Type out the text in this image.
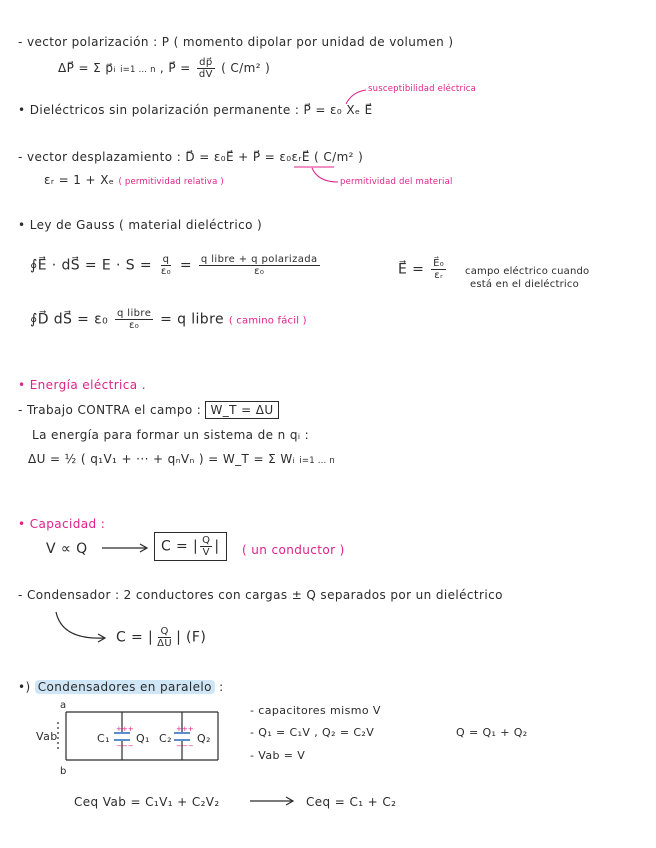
- vector polarización : P ( momento dipolar por unidad de volumen )
ΔP⃗ = Σ p⃗ᵢ i=1 … n , P⃗ = $\frac{dp⃗}{dV}$ ( C/m² )
susceptibilidad eléctrica
• Dieléctricos sin polarización permanente : P⃗ = ε₀ Xₑ E⃗
- vector desplazamiento : D⃗ = ε₀E⃗ + P⃗ = ε₀εᵣE⃗ ( C/m² )
εᵣ = 1 + Xₑ ( permitividad relativa )	permitividad del material
• Ley de Gauss ( material dieléctrico )
∮E⃗ · dS⃗ = $E \cdot S = \frac{q}{\text{ε₀}} = \frac{\text{q libre + q polarizada}}{\text{ε₀}}$	E⃗ = $\frac{\text{E⃗₀}}{\text{εᵣ}}$ campo eléctrico cuando
está en el dieléctrico
∮D⃗ dS⃗ = $\varepsilon_0 \frac{\text{q libre}}{\text{ε₀}} = q$ libre ( camino fácil )
• Energía eléctrica .
- Trabajo CONTRA el campo : W_T = ΔU
La energía para formar un sistema de n qᵢ :
ΔU = ½ ( q₁V₁ + ··· + qₙVₙ ) = W_T = Σ Wᵢ i=1 … n
• Capacidad :
V ∝ Q	C = | $\frac{Q}{V}$ |	( un conductor )
- Condensador : 2 conductores con cargas ± Q separados por un dieléctrico
C = | $\frac{Q}{\Delta U}$ | (F)
•) Condensadores en paralelo :
a
b
Vab	C₁ Q₁ C₂ Q₂
- capacitores mismo V
- Q₁ = C₁V , Q₂ = C₂V	Q = Q₁ + Q₂
- Vab = V
Ceq Vab = C₁V₁ + C₂V₂	Ceq = C₁ + C₂
+++
−−−
+++
−−−
